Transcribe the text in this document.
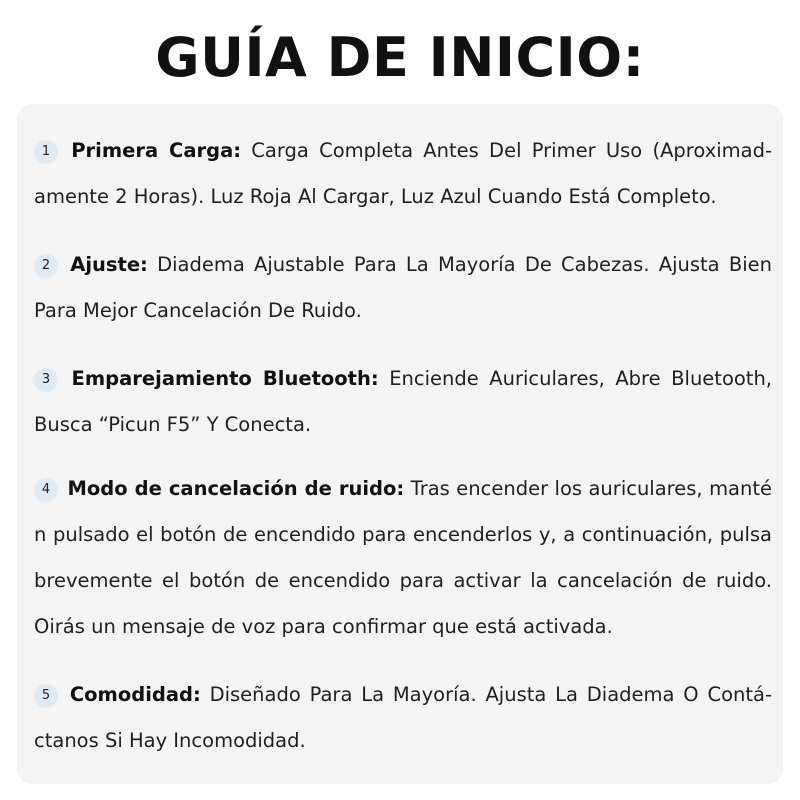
GUÍA DE INICIO:
1 Primera Carga: Carga Completa Antes Del Primer Uso (Aproximad-amente 2 Horas). Luz Roja Al Cargar, Luz Azul Cuando Está Completo.
2 Ajuste: Diadema Ajustable Para La Mayoría De Cabezas. Ajusta Bien Para Mejor Cancelación De Ruido.
3 Emparejamiento Bluetooth: Enciende Auriculares, Abre Bluetooth, Busca “Picun F5” Y Conecta.
4 Modo de cancelación de ruido: Tras encender los auriculares, manté n pulsado el botón de encendido para encenderlos y, a continuación, pulsa brevemente el botón de encendido para activar la cancelación de ruido. Oirás un mensaje de voz para confirmar que está activada.
5 Comodidad: Diseñado Para La Mayoría. Ajusta La Diadema O Contá-ctanos Si Hay Incomodidad.
